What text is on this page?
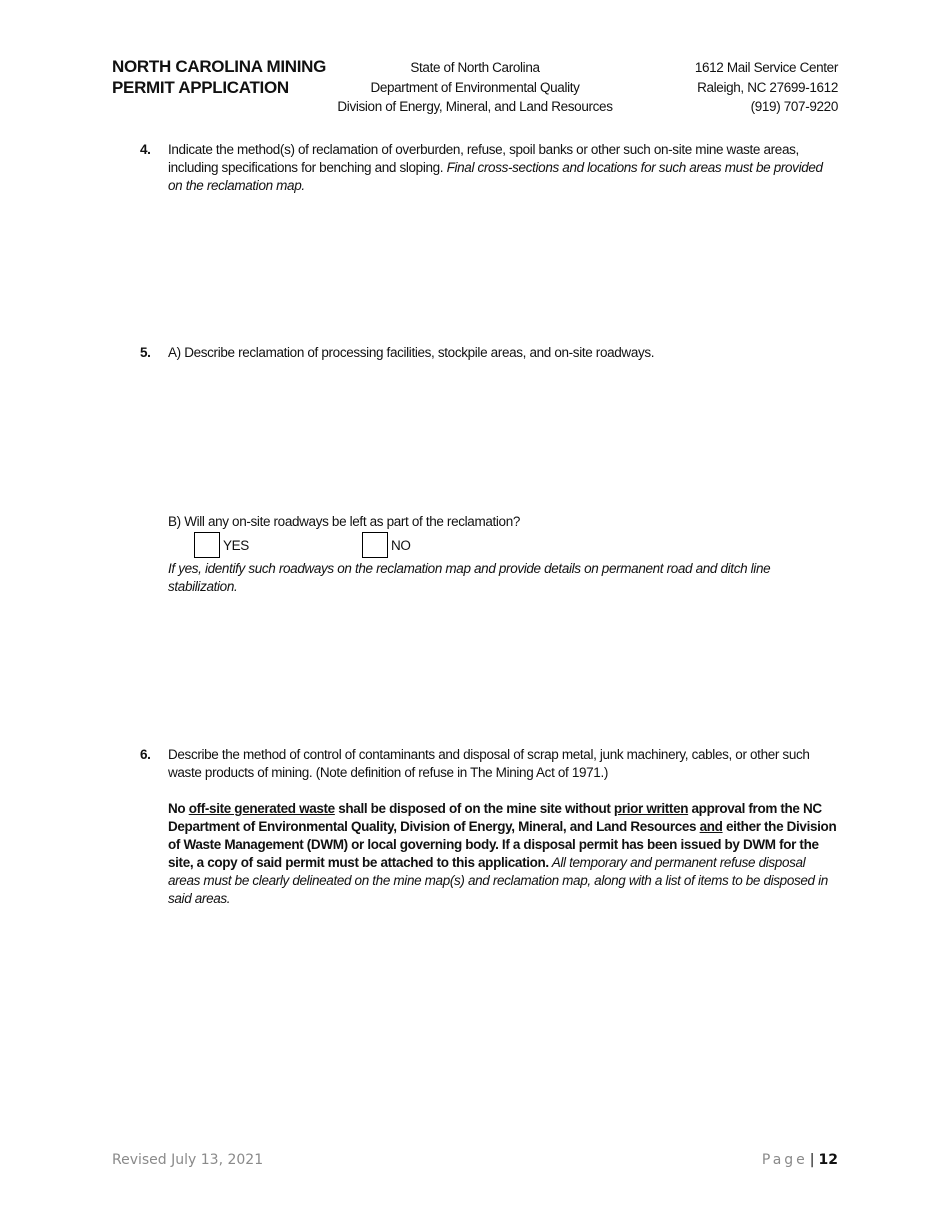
NORTH CAROLINA MINING
PERMIT APPLICATION
State of North Carolina
Department of Environmental Quality
Division of Energy, Mineral, and Land Resources
1612 Mail Service Center
Raleigh, NC 27699-1612
(919) 707-9220
4.	Indicate the method(s) of reclamation of overburden, refuse, spoil banks or other such on-site mine waste areas, including specifications for benching and sloping. Final cross-sections and locations for such areas must be provided on the reclamation map.
5.	A) Describe reclamation of processing facilities, stockpile areas, and on-site roadways.
B) Will any on-site roadways be left as part of the reclamation?
YES	NO
If yes, identify such roadways on the reclamation map and provide details on permanent road and ditch line stabilization.
6.	Describe the method of control of contaminants and disposal of scrap metal, junk machinery, cables, or other such waste products of mining. (Note definition of refuse in The Mining Act of 1971.)
No off-site generated waste shall be disposed of on the mine site without prior written approval from the NC Department of Environmental Quality, Division of Energy, Mineral, and Land Resources and either the Division of Waste Management (DWM) or local governing body. If a disposal permit has been issued by DWM for the site, a copy of said permit must be attached to this application. All temporary and permanent refuse disposal areas must be clearly delineated on the mine map(s) and reclamation map, along with a list of items to be disposed in said areas.
Revised July 13, 2021	Page | 12
